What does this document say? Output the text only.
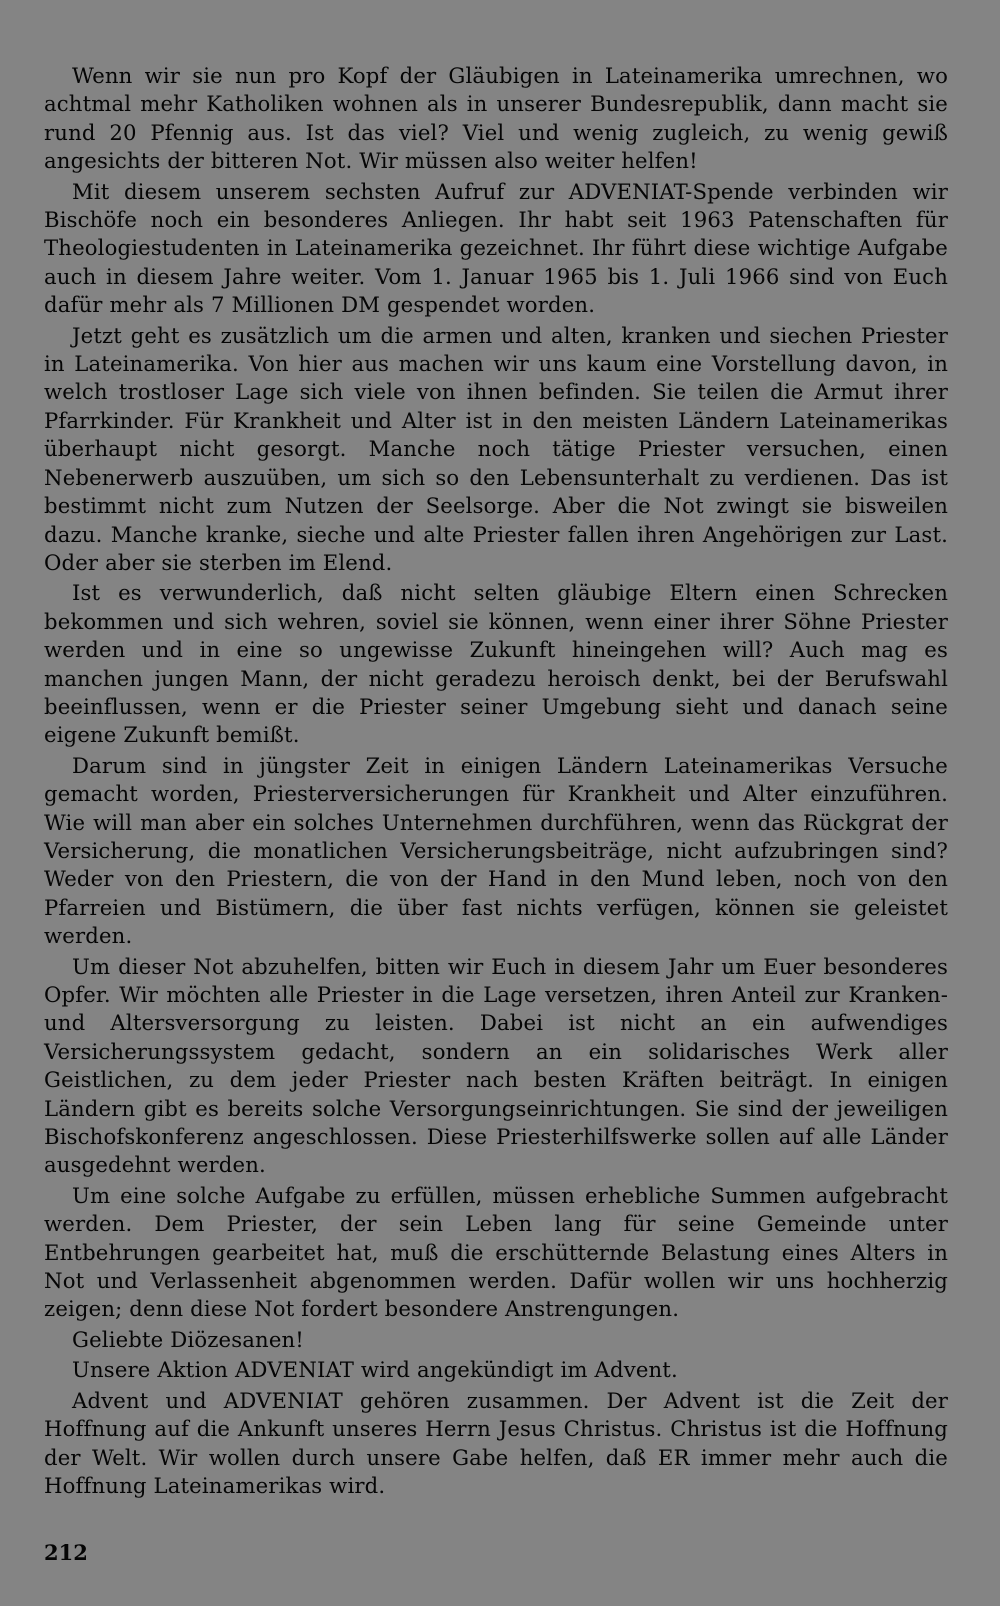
Wenn wir sie nun pro Kopf der Gläubigen in Lateinamerika umrechnen, wo achtmal mehr Katholiken wohnen als in unserer Bundesrepublik, dann macht sie rund 20 Pfennig aus. Ist das viel? Viel und wenig zugleich, zu wenig gewiß angesichts der bitteren Not. Wir müssen also weiter helfen!

Mit diesem unserem sechsten Aufruf zur ADVENIAT-Spende verbinden wir Bischöfe noch ein besonderes Anliegen. Ihr habt seit 1963 Patenschaften für Theologiestudenten in Lateinamerika gezeichnet. Ihr führt diese wichtige Aufgabe auch in diesem Jahre weiter. Vom 1. Januar 1965 bis 1. Juli 1966 sind von Euch dafür mehr als 7 Millionen DM gespendet worden.

Jetzt geht es zusätzlich um die armen und alten, kranken und siechen Priester in Lateinamerika. Von hier aus machen wir uns kaum eine Vorstellung davon, in welch trostloser Lage sich viele von ihnen befinden. Sie teilen die Armut ihrer Pfarrkinder. Für Krankheit und Alter ist in den meisten Ländern Lateinamerikas überhaupt nicht gesorgt. Manche noch tätige Priester versuchen, einen Nebenerwerb auszuüben, um sich so den Lebensunterhalt zu verdienen. Das ist bestimmt nicht zum Nutzen der Seelsorge. Aber die Not zwingt sie bisweilen dazu. Manche kranke, sieche und alte Priester fallen ihren Angehörigen zur Last. Oder aber sie sterben im Elend.

Ist es verwunderlich, daß nicht selten gläubige Eltern einen Schrecken bekommen und sich wehren, soviel sie können, wenn einer ihrer Söhne Priester werden und in eine so ungewisse Zukunft hineingehen will? Auch mag es manchen jungen Mann, der nicht geradezu heroisch denkt, bei der Berufswahl beeinflussen, wenn er die Priester seiner Umgebung sieht und danach seine eigene Zukunft bemißt.

Darum sind in jüngster Zeit in einigen Ländern Lateinamerikas Versuche gemacht worden, Priesterversicherungen für Krankheit und Alter einzuführen. Wie will man aber ein solches Unternehmen durchführen, wenn das Rückgrat der Versicherung, die monatlichen Versicherungsbeiträge, nicht aufzubringen sind? Weder von den Priestern, die von der Hand in den Mund leben, noch von den Pfarreien und Bistümern, die über fast nichts verfügen, können sie geleistet werden.

Um dieser Not abzuhelfen, bitten wir Euch in diesem Jahr um Euer besonderes Opfer. Wir möchten alle Priester in die Lage versetzen, ihren Anteil zur Kranken- und Altersversorgung zu leisten. Dabei ist nicht an ein aufwendiges Versicherungssystem gedacht, sondern an ein solidarisches Werk aller Geistlichen, zu dem jeder Priester nach besten Kräften beiträgt. In einigen Ländern gibt es bereits solche Versorgungseinrichtungen. Sie sind der jeweiligen Bischofskonferenz angeschlossen. Diese Priesterhilfswerke sollen auf alle Länder ausgedehnt werden.

Um eine solche Aufgabe zu erfüllen, müssen erhebliche Summen aufgebracht werden. Dem Priester, der sein Leben lang für seine Gemeinde unter Entbehrungen gearbeitet hat, muß die erschütternde Belastung eines Alters in Not und Verlassenheit abgenommen werden. Dafür wollen wir uns hochherzig zeigen; denn diese Not fordert besondere Anstrengungen.

Geliebte Diözesanen!

Unsere Aktion ADVENIAT wird angekündigt im Advent.

Advent und ADVENIAT gehören zusammen. Der Advent ist die Zeit der Hoffnung auf die Ankunft unseres Herrn Jesus Christus. Christus ist die Hoffnung der Welt. Wir wollen durch unsere Gabe helfen, daß ER immer mehr auch die Hoffnung Lateinamerikas wird.

212
